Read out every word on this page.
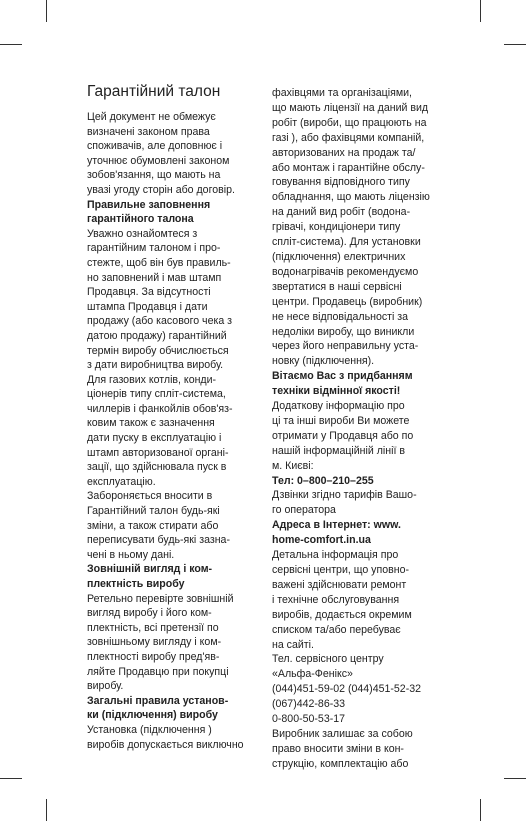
Гарантійний талон
Цей документ не обмежує
визначені законом права
споживачів, але доповнює і
уточнює обумовлені законом
зобов'язання, що мають на
увазі угоду сторін або договір.
Правильне заповнення
гарантійного талона
Уважно ознайомтеся з
гарантійним талоном і про-
стежте, щоб він був правиль-
но заповнений і мав штамп
Продавця. За відсутності
штампа Продавця і дати
продажу (або касового чека з
датою продажу) гарантійний
термін виробу обчислюється
з дати виробництва виробу.
Для газових котлів, конди-
ціонерів типу спліт-система,
чиллерів і фанкойлів обов'яз-
ковим також є зазначення
дати пуску в експлуатацію і
штамп авторизованої органі-
зації, що здійснювала пуск в
експлуатацію.
Забороняється вносити в
Гарантійний талон будь-які
зміни, а також стирати або
переписувати будь-які зазна-
чені в ньому дані.
Зовнішній вигляд і ком-
плектність виробу
Ретельно перевірте зовнішній
вигляд виробу і його ком-
плектність, всі претензії по
зовнішньому вигляду і ком-
плектності виробу пред'яв-
ляйте Продавцю при покупці
виробу.
Загальні правила установ-
ки (підключення) виробу
Установка (підключення )
виробів допускається виключно
фахівцями та організаціями,
що мають ліцензії на даний вид
робіт (вироби, що працюють на
газі ), або фахівцями компаній,
авторизованих на продаж та/
або монтаж і гарантійне обслу-
говування відповідного типу
обладнання, що мають ліцензію
на даний вид робіт (водона-
грівачі, кондиціонери типу
спліт-система). Для установки
(підключення) електричних
водонагрівачів рекомендуємо
звертатися в наші сервісні
центри. Продавець (виробник)
не несе відповідальності за
недоліки виробу, що виникли
через його неправильну уста-
новку (підключення).
Вітаємо Вас з придбанням
техніки відмінної якості!
Додаткову інформацію про
ці та інші вироби Ви можете
отримати у Продавця або по
нашій інформаційній лінії в
м. Києві:
Тел: 0–800–210–255
Дзвінки згідно тарифів Вашо-
го оператора
Адреса в Інтернет: www.
home-comfort.in.ua
Детальна інформація про
сервісні центри, що уповно-
важені здійснювати ремонт
і технічне обслуговування
виробів, додається окремим
списком та/або перебуває
на сайті.
Тел. сервісного центру
«Альфа-Фенікс»
(044)451-59-02 (044)451-52-32
(067)442-86-33
0-800-50-53-17
Виробник залишає за собою
право вносити зміни в кон-
струкцію, комплектацію або
